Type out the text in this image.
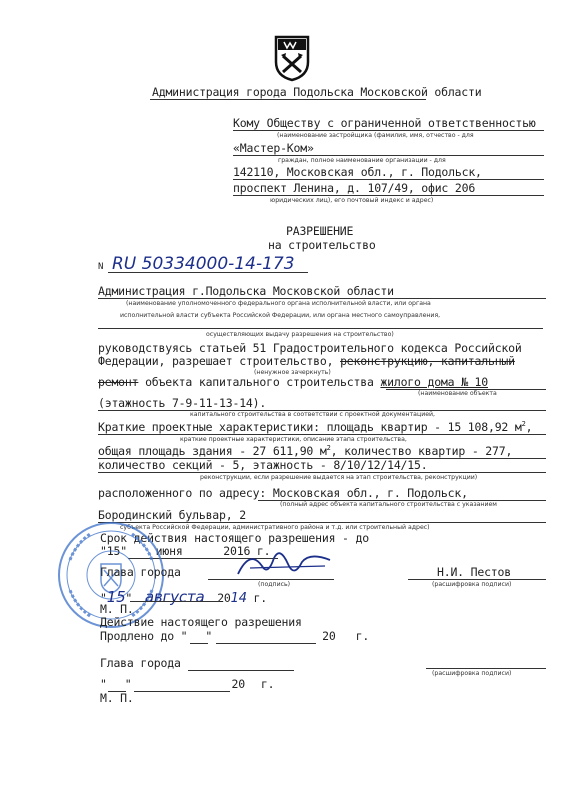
Администрация города Подольска Московской области
Кому Обществу с ограниченной ответственностью
(наименование застройщика (фамилия, имя, отчество - для
«Мастер-Ком»
граждан, полное наименование организации - для
142110, Московская обл., г. Подольск,
проспект Ленина, д. 107/49, офис 206
юридических лиц), его почтовый индекс и адрес)
РАЗРЕШЕНИЕ
на строительство
N RU 50334000-14-173
Администрация г.Подольска Московской области
(наименование уполномоченного федерального органа исполнительной власти, или органа
исполнительной власти субъекта Российской Федерации, или органа местного самоуправления,
осуществляющих выдачу разрешения на строительство)
руководствуясь статьей 51 Градостроительного кодекса Российской
Федерации, разрешает строительство, реконструкцию, капитальный
(ненужное зачеркнуть)
ремонт объекта капитального строительства жилого дома № 10
(наименование объекта
(этажность 7-9-11-13-14).
капитального строительства в соответствии с проектной документацией,
Краткие проектные характеристики: площадь квартир - 15 108,92 $м^2$,
краткие проектные характеристики, описание этапа строительства,
общая площадь здания - 27 611,90 $м^2$, количество квартир - 277,
количество секций - 5, этажность - 8/10/12/14/15.
реконструкции, если разрешение выдается на этап строительства, реконструкции)
расположенного по адресу: Московская обл., г. Подольск,
(полный адрес объекта капитального строительства с указанием
Бородинский бульвар, 2
субъекта Российской Федерации, административного района и т.д. или строительный адрес)
Срок действия настоящего разрешения - до
"15" июня	2016 г.
Глава города
(подпись)
Н.И. Пестов
(расшифровка подписи)
"15" августа 2014 г.
М. П.
Действие настоящего разрешения
Продлено до " "	20 г.
Глава города
(расшифровка подписи)
" "	20 г.
М. П.
